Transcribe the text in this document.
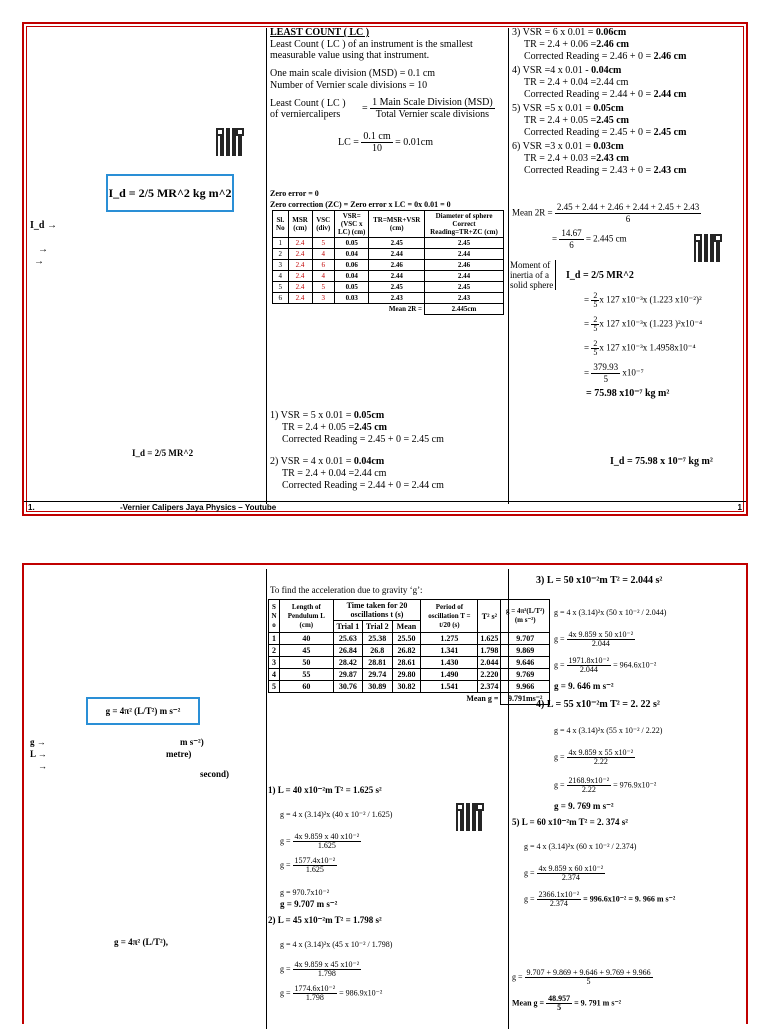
I_d = 2/5 MR^2 kg m^2
I_d →
→
→
I_d = 2/5 MR^2
LEAST COUNT ( LC )
Least Count ( LC ) of an instrument is the smallest
measurable value using that instrument.
One main scale division (MSD) = 0.1 cm
Number of Vernier scale divisions = 10
Least Count ( LC )
of verniercalipers
= $\frac{\text{1 Main Scale Division (MSD)}}{\text{Total Vernier scale divisions}}$
LC = $\frac{0.1 cm}{10} = 0.01cm$
Zero error = 0
Zero correction (ZC) = Zero error x LC = 0x 0.01 = 0
Sl. No	MSR (cm)	VSC (div)	VSR= (VSC x LC) (cm)	TR=MSR+VSR (cm)	Diameter of sphere Correct Reading=TR+ZC (cm)
1	2.4	5	0.05	2.45	2.45
2	2.4	4	0.04	2.44	2.44
3	2.4	6	0.06	2.46	2.46
4	2.4	4	0.04	2.44	2.44
5	2.4	5	0.05	2.45	2.45
6	2.4	3	0.03	2.43	2.43
Mean 2R =					2.445cm
1) VSR = 5 x 0.01 = 0.05cm
TR = 2.4 + 0.05 =2.45 cm
Corrected Reading = 2.45 + 0 = 2.45 cm
2) VSR = 4 x 0.01 = 0.04cm
TR = 2.4 + 0.04 =2.44 cm
Corrected Reading = 2.44 + 0 = 2.44 cm
3) VSR = 6 x 0.01 = 0.06cm
TR = 2.4 + 0.06 =2.46 cm
Corrected Reading = 2.46 + 0 = 2.46 cm
4) VSR =4 x 0.01 - 0.04cm
TR = 2.4 + 0.04 =2.44 cm
Corrected Reading = 2.44 + 0 = 2.44 cm
5) VSR =5 x 0.01 = 0.05cm
TR = 2.4 + 0.05 =2.45 cm
Corrected Reading = 2.45 + 0 = 2.45 cm
6) VSR =3 x 0.01 = 0.03cm
TR = 2.4 + 0.03 =2.43 cm
Corrected Reading = 2.43 + 0 = 2.43 cm
Mean $2R = \frac{2.45 + 2.44 + 2.46 + 2.44 + 2.45 + 2.43}{6}$
= $\frac{14.67}{6} = 2.445$ cm
Moment of
inertia of a
solid sphere
I_d = 2/5 MR^2
= $\frac{2}{5}$ x 127 x10⁻³x (1.223 x10⁻²)²
= $\frac{2}{5}$ x 127 x10⁻³x (1.223 )²x10⁻⁴
= $\frac{2}{5}$ x 127 x10⁻³x 1.4958x10⁻⁴
= $\frac{379.93}{5} x10^{-7}$
= 75.98 x10⁻⁷ kg m²
I_d = 75.98 x 10⁻⁷ kg m²
1.	-Vernier Calipers Jaya Physics – Youtube	1
g = 4π² (L/T²) m s⁻²
g →	m s⁻²)
L →	metre)
→
second)
g = 4π² (L/T²),
To find the acceleration due to gravity ‘g’:
S N o	Length of Pendulum L (cm)	Time taken for 20 oscillations t (s)			Period of oscillation T = t/20 (s)	T² s²	g = 4π²(L/T²) (m s⁻²)
		Trial 1	Trial 2	Mean			
1	40	25.63	25.38	25.50	1.275	1.625	9.707
2	45	26.84	26.8	26.82	1.341	1.798	9.869
3	50	28.42	28.81	28.61	1.430	2.044	9.646
4	55	29.87	29.74	29.80	1.490	2.220	9.769
5	60	30.76	30.89	30.82	1.541	2.374	9.966
Mean g =							9.791ms⁻²
1) L = 40 x10⁻²m T² = 1.625 s²
g = 4 x (3.14)²x (40 x 10⁻² / 1.625)
$g = \frac{\text{4x 9.859 x 40 x10⁻²}}{1.625}$
$g = \frac{\text{1577.4x10⁻²}}{1.625}$
g = 970.7x10⁻²
g = 9.707 m s⁻²
2) L = 45 x10⁻²m T² = 1.798 s²
g = 4 x (3.14)²x (45 x 10⁻² / 1.798)
$g = \frac{\text{4x 9.859 x 45 x10⁻²}}{1.798}$
$g = \frac{\text{1774.6x10⁻²}}{1.798} = 986.9x10^{-2}$
3) L = 50 x10⁻²m T² = 2.044 s²
g = 4 x (3.14)²x (50 x 10⁻² / 2.044)
$g = \frac{\text{4x 9.859 x 50 x10⁻²}}{2.044}$
$g = \frac{\text{1971.8x10⁻²}}{2.044} = 964.6x10^{-2}$
g = 9. 646 m s⁻²
4) L = 55 x10⁻²m T² = 2. 22 s²
g = 4 x (3.14)²x (55 x 10⁻² / 2.22)
$g = \frac{\text{4x 9.859 x 55 x10⁻²}}{2.22}$
$g = \frac{\text{2168.9x10⁻²}}{2.22} = 976.9x10^{-2}$
g = 9. 769 m s⁻²
5) L = 60 x10⁻²m T² = 2. 374 s²
g = 4 x (3.14)²x (60 x 10⁻² / 2.374)
$g = \frac{\text{4x 9.859 x 60 x10⁻²}}{2.374}$
$g = \frac{\text{2366.1x10⁻²}}{2.374} = 996.6x10^{-2} = 9$. 966 m s⁻²
$g = \frac{9.707 + 9.869 + 9.646 + 9.769 + 9.966}{5}$
Mean $g = \frac{48.957}{5} = 9$. 791 m s⁻²
